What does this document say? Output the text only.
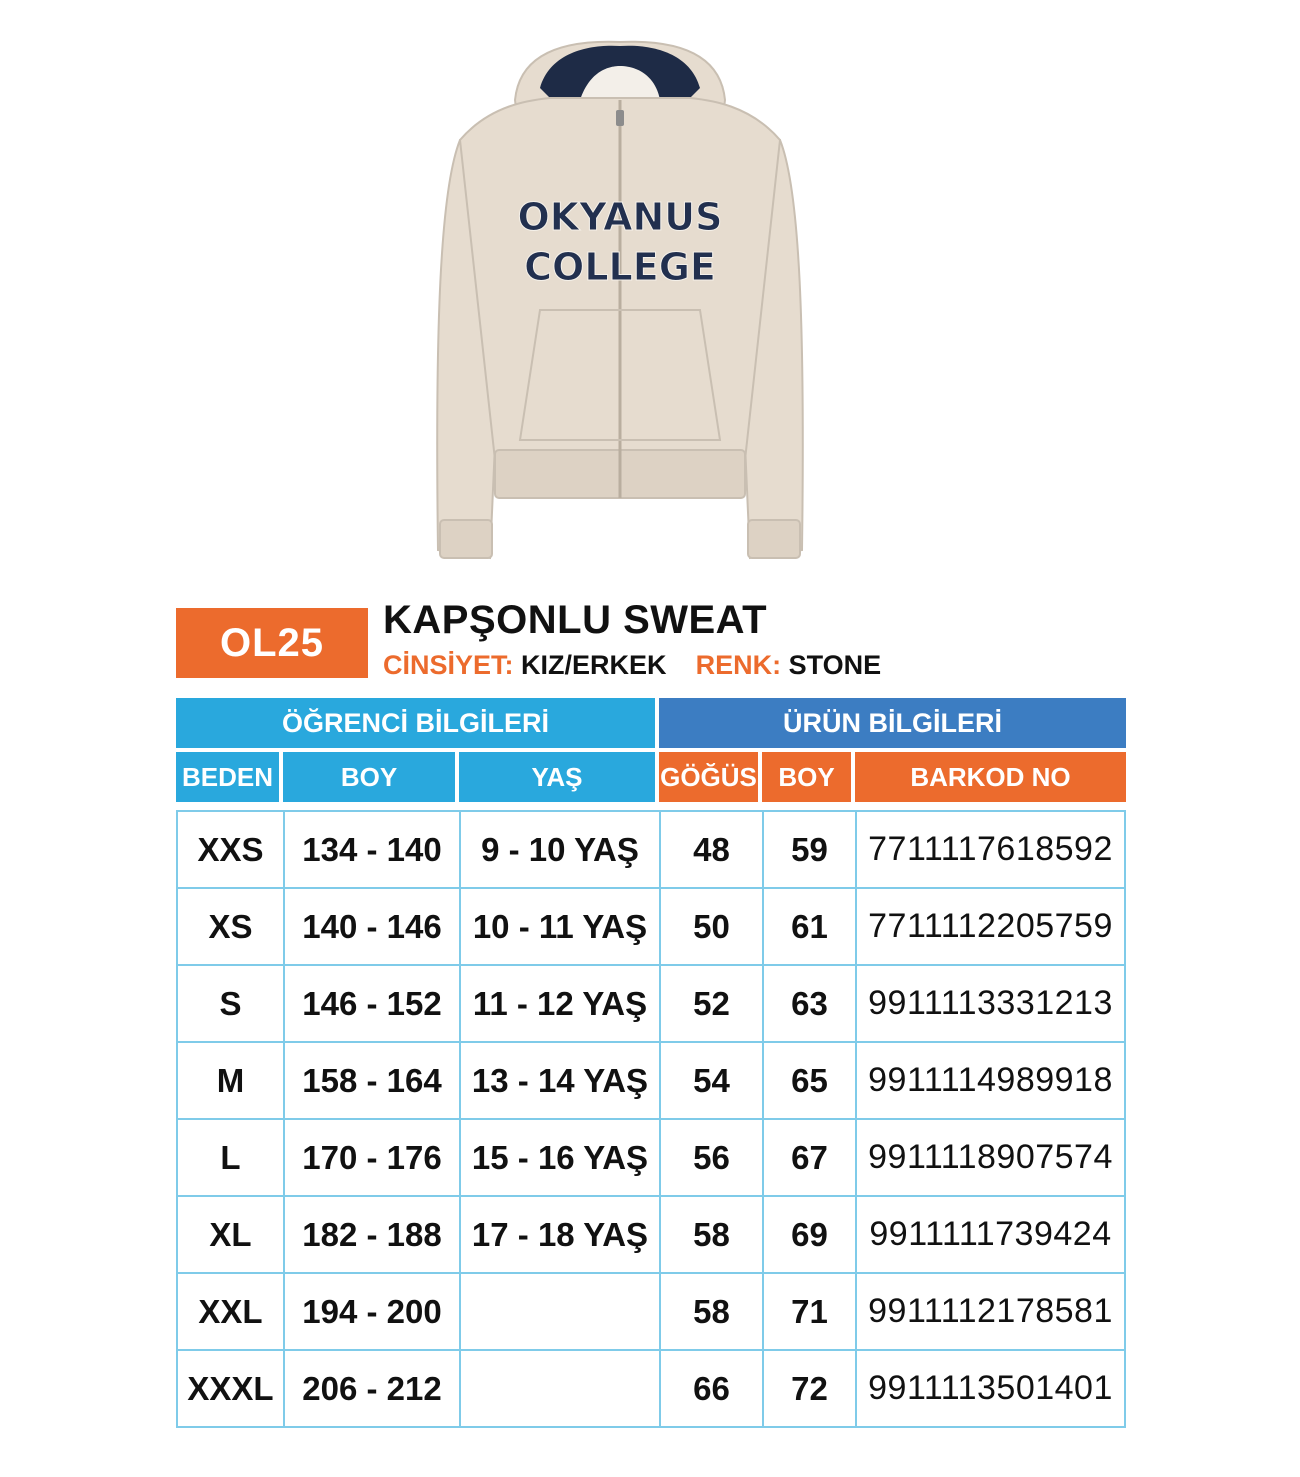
OKYANUS
COLLEGE
OL25
KAPŞONLU SWEAT
CİNSİYET: KIZ/ERKEK RENK: STONE
ÖĞRENCİ BİLGİLERİ			ÜRÜN BİLGİLERİ		
BEDEN	BOY	YAŞ	GÖĞÜS	BOY	BARKOD NO

XXS	134 - 140	9 - 10 YAŞ	48	59	7711117618592
XS	140 - 146	10 - 11 YAŞ	50	61	7711112205759
S	146 - 152	11 - 12 YAŞ	52	63	9911113331213
M	158 - 164	13 - 14 YAŞ	54	65	9911114989918
L	170 - 176	15 - 16 YAŞ	56	67	9911118907574
XL	182 - 188	17 - 18 YAŞ	58	69	9911111739424
XXL	194 - 200		58	71	9911112178581
XXXL	206 - 212		66	72	9911113501401
